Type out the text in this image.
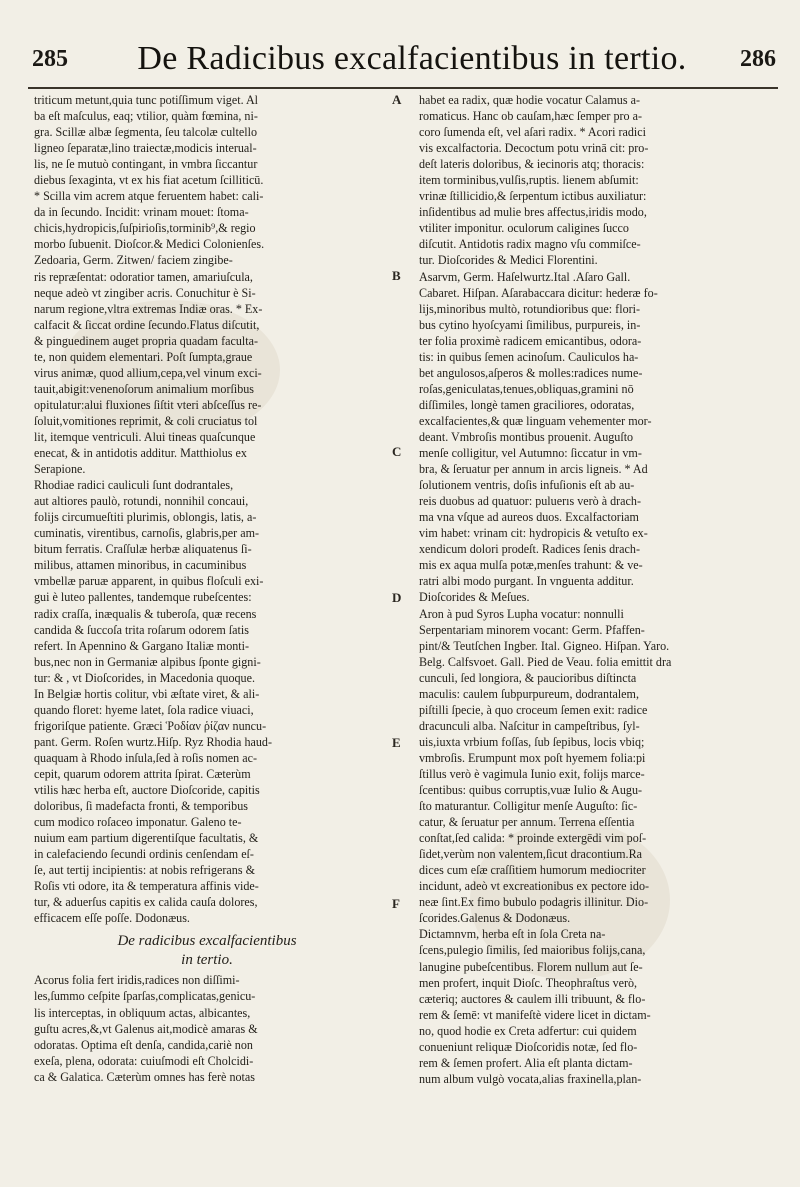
285	De Radicibus excalfacientibus in tertio.	286
triticum metunt,quia tunc potiſſimum viget. Al
ba eſt maſculus, eaq; vtilior, quàm fœmina, ni-
gra. Scillæ albæ ſegmenta, ſeu talcolæ cultello
ligneo ſeparatæ,lino traiectæ,modicis interual-
lis, ne ſe mutuò contingant, in vmbra ſiccantur
diebus ſexaginta, vt ex his fiat acetum ſcilliticū.
* Scilla vim acrem atque feruentem habet: cali-
da in ſecundo. Incidit: vrinam mouet: ſtoma-
chicis,hydropicis,ſuſpirioſis,torminib⁹,& regio
morbo ſubuenit. Dioſcor.& Medici Colonienſes.
Zedoaria, Germ. Zitwen/ faciem zingibe-
ris repræſentat: odoratior tamen, amariuſcula,
neque adeò vt zingiber acris. Conuchitur è Si-
narum regione,vltra extremas Indiæ oras. * Ex-
calfacit & ſiccat ordine ſecundo.Flatus diſcutit,
& pinguedinem auget propria quadam faculta-
te, non quidem elementari. Poſt ſumpta,graue
virus animæ, quod allium,cepa,vel vinum exci-
tauit,abigit:venenoſorum animalium morſibus
opitulatur:alui fluxiones ſiſtit vteri abſceſſus re-
ſoluit,vomitiones reprimit, & coli cruciatus tol
lit, itemque ventriculi. Alui tineas quaſcunque
enecat, & in antidotis additur. Matthiolus ex
Serapione.
Rhodiae radici cauliculi ſunt dodrantales,
aut altiores paulò, rotundi, nonnihil concaui,
folijs circumueſtiti plurimis, oblongis, latis, a-
cuminatis, virentibus, carnoſis, glabris,per am-
bitum ferratis. Craſſulæ herbæ aliquatenus ſi-
milibus, attamen minoribus, in cacuminibus
vmbellæ paruæ apparent, in quibus floſculi exi-
gui è luteo pallentes, tandemque rubeſcentes:
radix craſſa, inæqualis & tuberoſa, quæ recens
candida & ſuccoſa trita roſarum odorem ſatis
refert. In Apennino & Gargano Italiæ monti-
bus,nec non in Germaniæ alpibus ſponte gigni-
tur: & , vt Dioſcorides, in Macedonia quoque.
In Belgiæ hortis colitur, vbi æſtate viret, & ali-
quando floret: hyeme latet, ſola radice viuaci,
frigoriſque patiente. Græci Ῥοδίαν ῥίζαν nuncu-
pant. Germ. Roſen wurtz.Hiſp. Ryz Rhodia haud-
quaquam à Rhodo inſula,ſed à roſis nomen ac-
cepit, quarum odorem attrita ſpirat. Cæterùm
vtilis hæc herba eſt, auctore Dioſcoride, capitis
doloribus, ſi madefacta fronti, & temporibus
cum modico roſaceo imponatur. Galeno te-
nuium eam partium digerentiſque facultatis, &
in calefaciendo ſecundi ordinis cenſendam eſ-
ſe, aut tertij incipientis: at nobis refrigerans &
Roſis vti odore, ita & temperatura affinis vide-
tur, & aduerſus capitis ex calida cauſa dolores,
efficacem eſſe poſſe. Dodonæus.
De radicibus excalfacientibus
in tertio.
Acorus folia fert iridis,radices non diſſimi-
les,ſummo ceſpite ſparſas,complicatas,genicu-
lis interceptas, in obliquum actas, albicantes,
guſtu acres,&,vt Galenus ait,modicè amaras &
odoratas. Optima eſt denſa, candida,cariè non
exeſa, plena, odorata: cuiuſmodi eſt Cholcidi-
ca & Galatica. Cæterùm omnes has ferè notas
A
B
C
D
E
F
habet ea radix, quæ hodie vocatur Calamus a-
romaticus. Hanc ob cauſam,hæc ſemper pro a-
coro ſumenda eſt, vel aſari radix. * Acori radici
vis excalfactoria. Decoctum potu vrinā cit: pro-
deſt lateris doloribus, & iecinoris atq; thoracis:
item torminibus,vulſis,ruptis. lienem abſumit:
vrinæ ſtillicidio,& ſerpentum ictibus auxiliatur:
inſidentibus ad mulie bres affectus,iridis modo,
vtiliter imponitur. oculorum caligines ſucco
diſcutit. Antidotis radix magno vſu commiſce-
tur. Dioſcorides & Medici Florentini.
Asarvm, Germ. Haſelwurtz.Ital .Aſaro Gall.
Cabaret. Hiſpan. Aſarabaccara dicitur: hederæ fo-
lijs,minoribus multò, rotundioribus que: flori-
bus cytino hyoſcyami ſimilibus, purpureis, in-
ter folia proximè radicem emicantibus, odora-
tis: in quibus ſemen acinoſum. Cauliculos ha-
bet angulosos,aſperos & molles:radices nume-
roſas,geniculatas,tenues,obliquas,gramini nō
diſſimiles, longè tamen graciliores, odoratas,
excalfacientes,& quæ linguam vehementer mor-
deant. Vmbroſis montibus prouenit. Auguſto
menſe colligitur, vel Autumno: ſiccatur in vm-
bra, & ſeruatur per annum in arcis ligneis. * Ad
ſolutionem ventris, doſis infuſionis eſt ab au-
reis duobus ad quatuor: puluerıs verò à drach-
ma vna vſque ad aureos duos. Excalfactoriam
vim habet: vrinam cit: hydropicis & vetuſto ex-
xendicum dolori prodeſt. Radices ſenis drach-
mis ex aqua mulſa potæ,menſes trahunt: & ve-
ratri albi modo purgant. In vnguenta additur.
Dioſcorides & Meſues.
Aron à pud Syros Lupha vocatur: nonnulli
Serpentariam minorem vocant: Germ. Pfaffen-
pint/& Teutſchen Ingber. Ital. Gigneo. Hiſpan. Yaro.
Belg. Calfsvoet. Gall. Pied de Veau. folia emittit dra
cunculi, ſed longiora, & paucioribus diſtincta
maculis: caulem ſubpurpureum, dodrantalem,
piſtilli ſpecie, à quo croceum ſemen exit: radice
dracunculi alba. Naſcitur in campeſtribus, ſyl-
uis,iuxta vrbium foſſas, ſub ſepibus, locis vbiq;
vmbroſis. Erumpunt mox poſt hyemem folia:pi
ſtillus verò è vagimula Iunio exit, folijs marce-
ſcentibus: quibus corruptis,vuæ Iulio & Augu-
ſto maturantur. Colligitur menſe Auguſto: ſic-
catur, & ſeruatur per annum. Terrena eſſentia
conſtat,ſed calida: * proinde extergēdi vim poſ-
ſidet,verùm non valentem,ſicut dracontium.Ra
dices cum eſæ craſſitiem humorum mediocriter
incidunt, adeò vt excreationibus ex pectore ido-
neæ ſint.Ex fimo bubulo podagris illinitur. Dio-
ſcorides.Galenus & Dodonæus.
Dictamnvm, herba eſt in ſola Creta na-
ſcens,pulegio ſimilis, ſed maioribus folijs,cana,
lanugine pubeſcentibus. Florem nullum aut ſe-
men profert, inquit Dioſc. Theophraſtus verò,
cæteriq; auctores & caulem illi tribuunt, & flo-
rem & ſemē: vt manifeſtè videre licet in dictam-
no, quod hodie ex Creta adfertur: cui quidem
conueniunt reliquæ Dioſcoridis notæ, ſed flo-
rem & ſemen profert. Alia eſt planta dictam-
num album vulgò vocata,alias fraxinella,plan-
